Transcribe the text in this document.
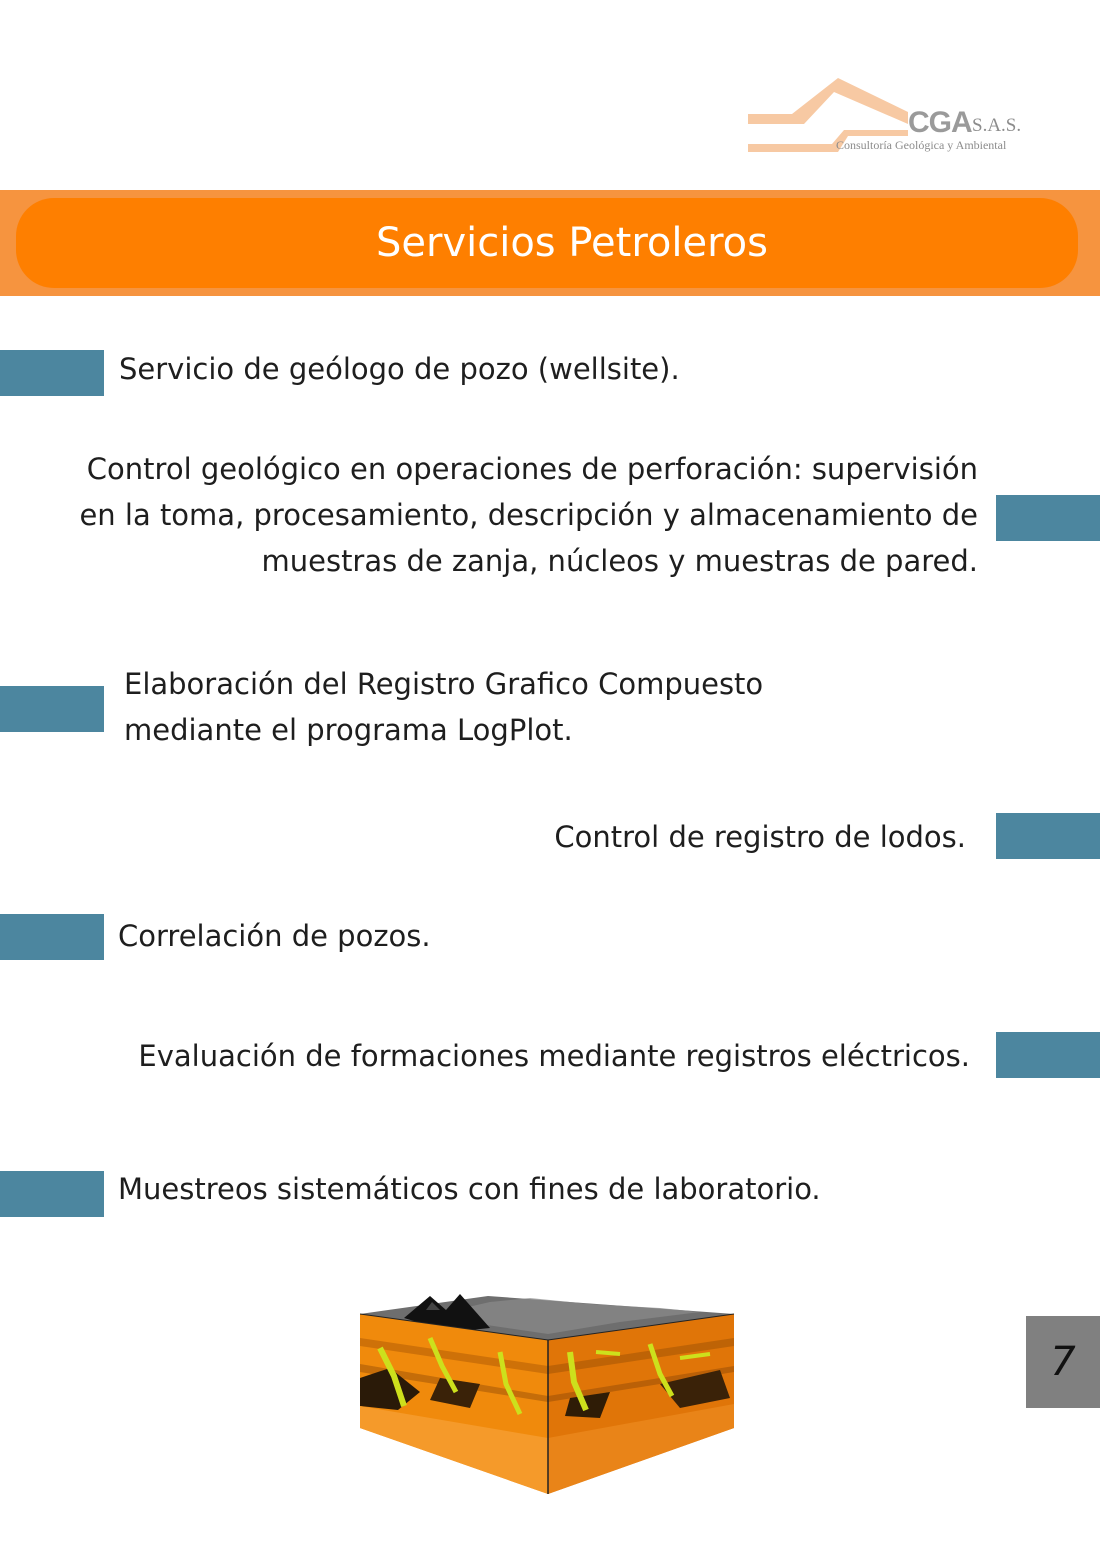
CGA S.A.S.
Consultoría Geológica y Ambiental
Servicios Petroleros

Servicio de geólogo de pozo (wellsite).

Control geológico en operaciones de perforación: supervisión en la toma, procesamiento, descripción y almacenamiento de muestras de zanja, núcleos y muestras de pared.

Elaboración del Registro Grafico Compuesto mediante el programa LogPlot.

Control de registro de lodos.

Correlación de pozos.

Evaluación de formaciones mediante registros eléctricos.

Muestreos sistemáticos con fines de laboratorio.

7
